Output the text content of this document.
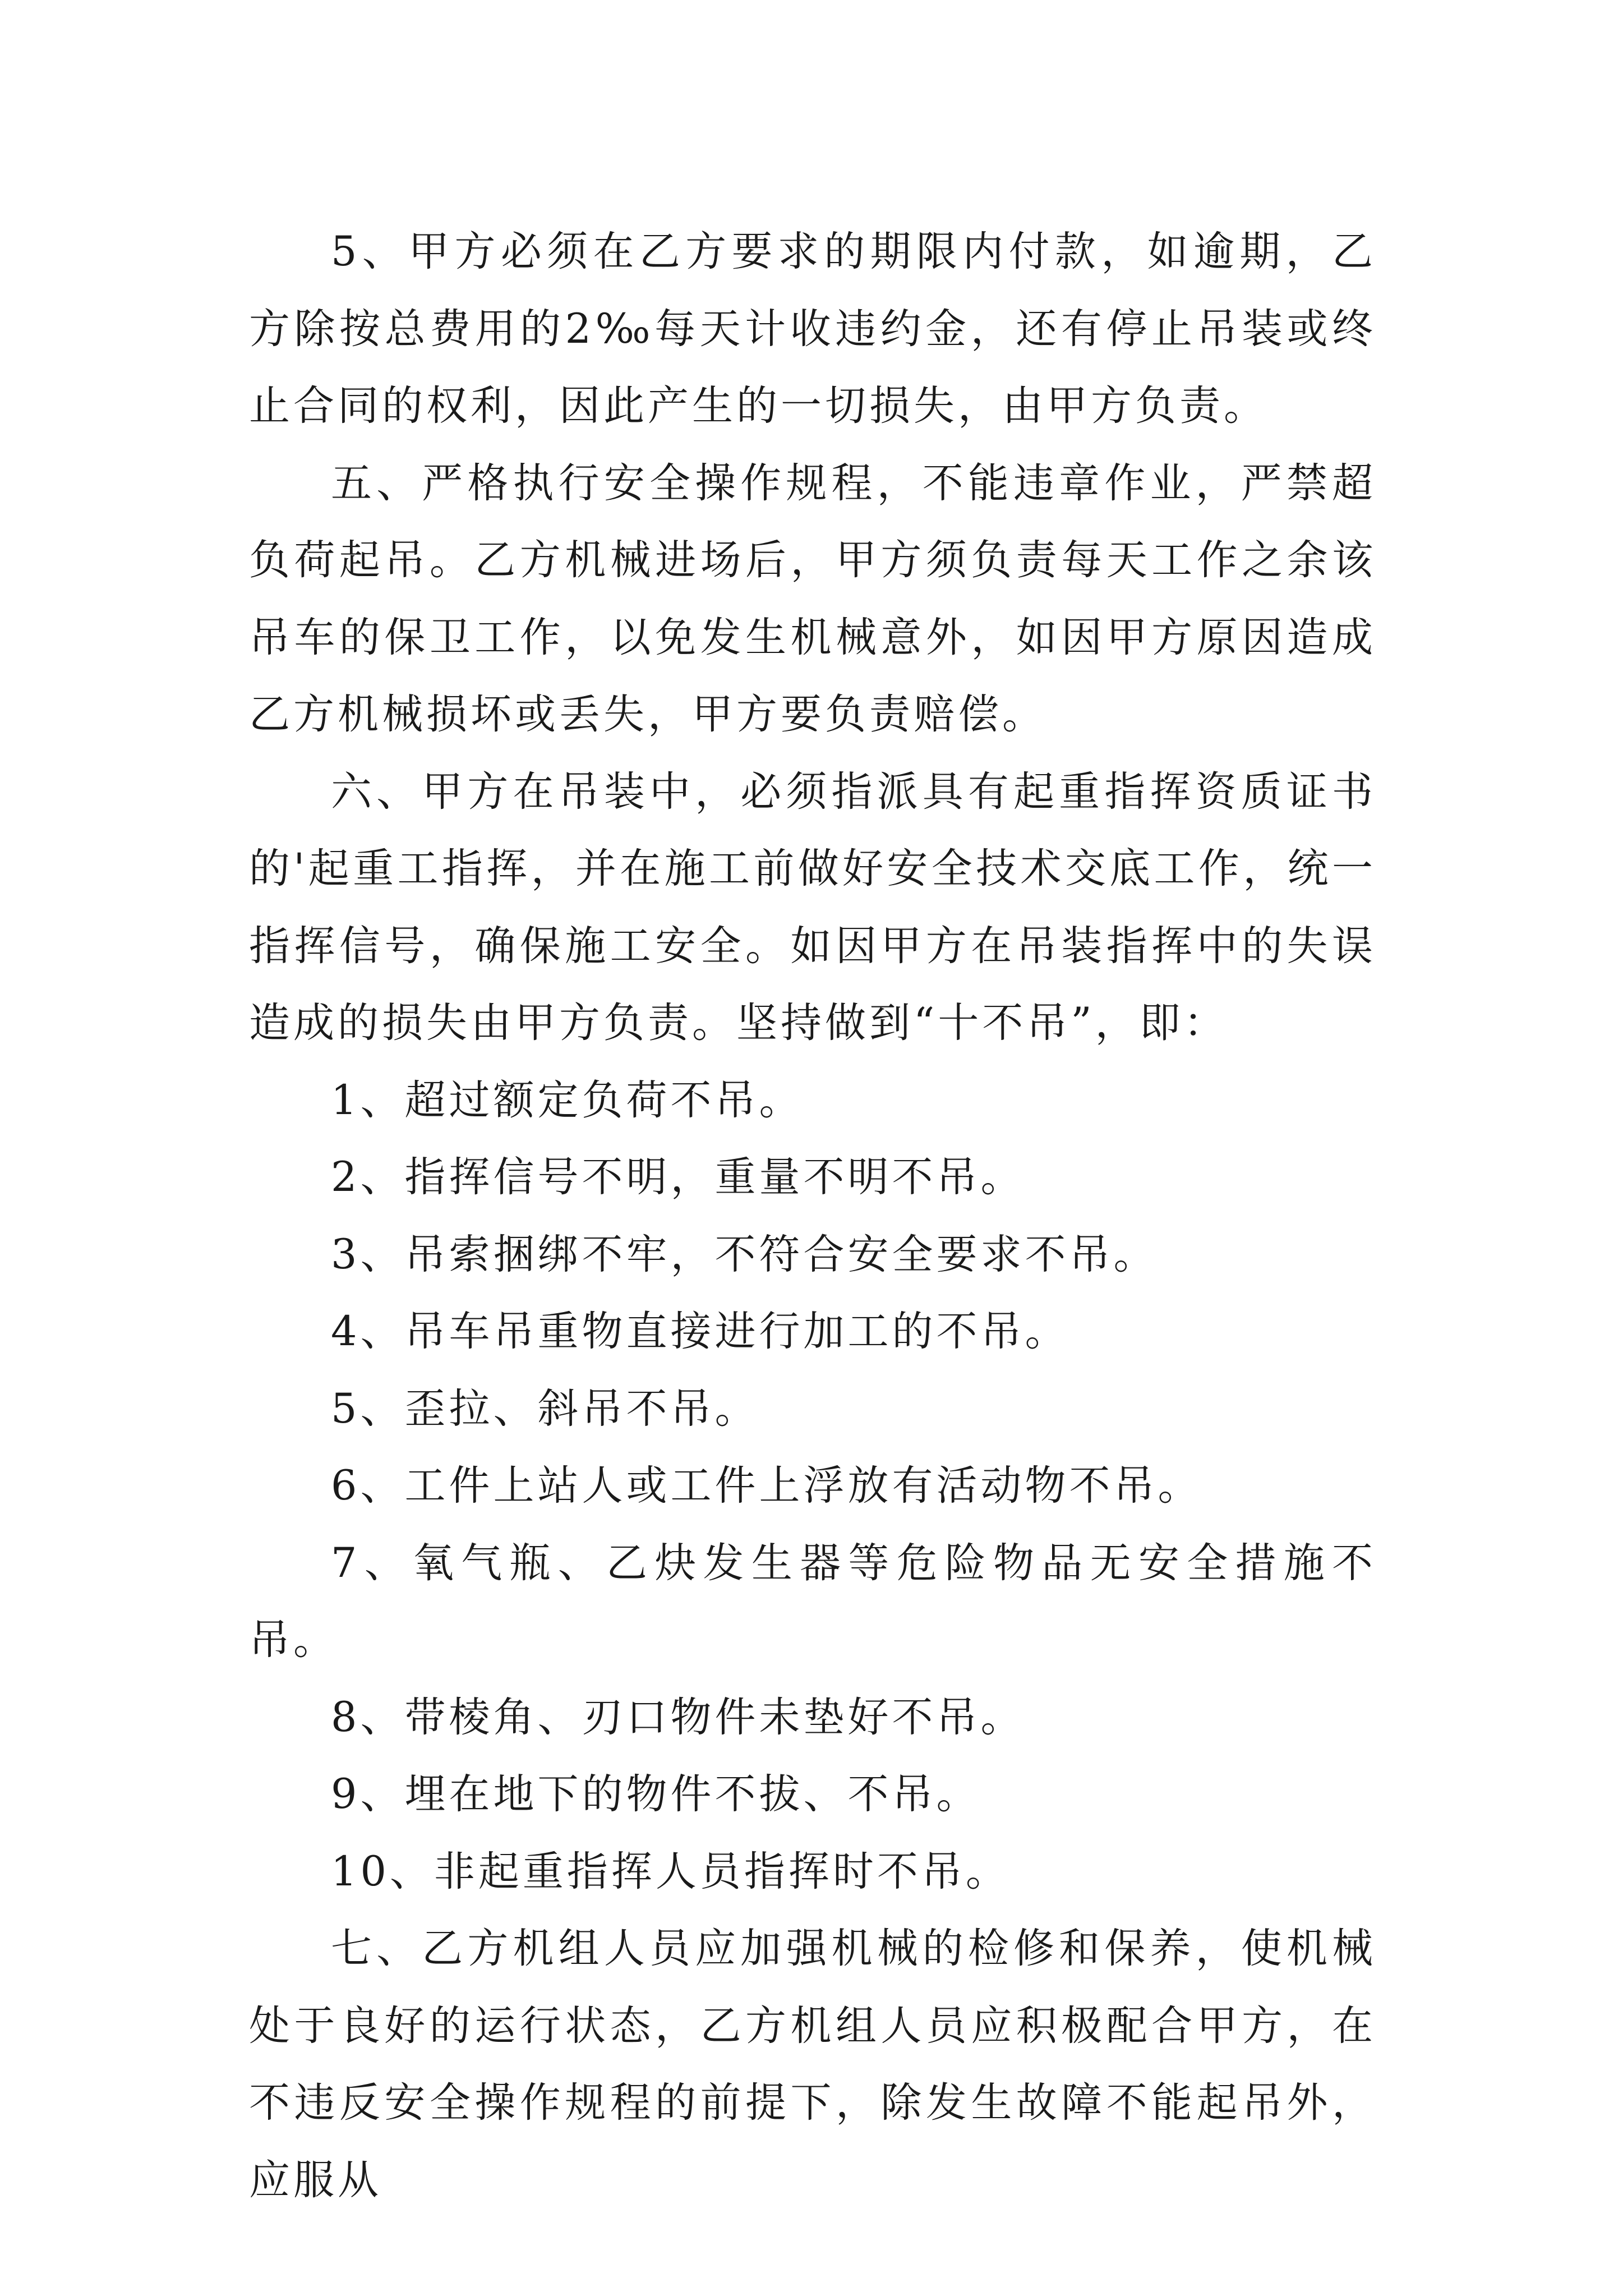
5、甲方必须在乙方要求的期限内付款，如逾期，乙方除按总费用的2‰每天计收违约金，还有停止吊装或终止合同的权利，因此产生的一切损失，由甲方负责。

五、严格执行安全操作规程，不能违章作业，严禁超负荷起吊。乙方机械进场后，甲方须负责每天工作之余该吊车的保卫工作，以免发生机械意外，如因甲方原因造成乙方机械损坏或丢失，甲方要负责赔偿。

六、甲方在吊装中，必须指派具有起重指挥资质证书的'起重工指挥，并在施工前做好安全技术交底工作，统一指挥信号，确保施工安全。如因甲方在吊装指挥中的失误造成的损失由甲方负责。坚持做到“十不吊”，即：

1、超过额定负荷不吊。

2、指挥信号不明，重量不明不吊。

3、吊索捆绑不牢，不符合安全要求不吊。

4、吊车吊重物直接进行加工的不吊。

5、歪拉、斜吊不吊。

6、工件上站人或工件上浮放有活动物不吊。

7、氧气瓶、乙炔发生器等危险物品无安全措施不吊。

8、带棱角、刃口物件未垫好不吊。

9、埋在地下的物件不拔、不吊。

10、非起重指挥人员指挥时不吊。

七、乙方机组人员应加强机械的检修和保养，使机械处于良好的运行状态，乙方机组人员应积极配合甲方，在不违反安全操作规程的前提下，除发生故障不能起吊外，应服从
